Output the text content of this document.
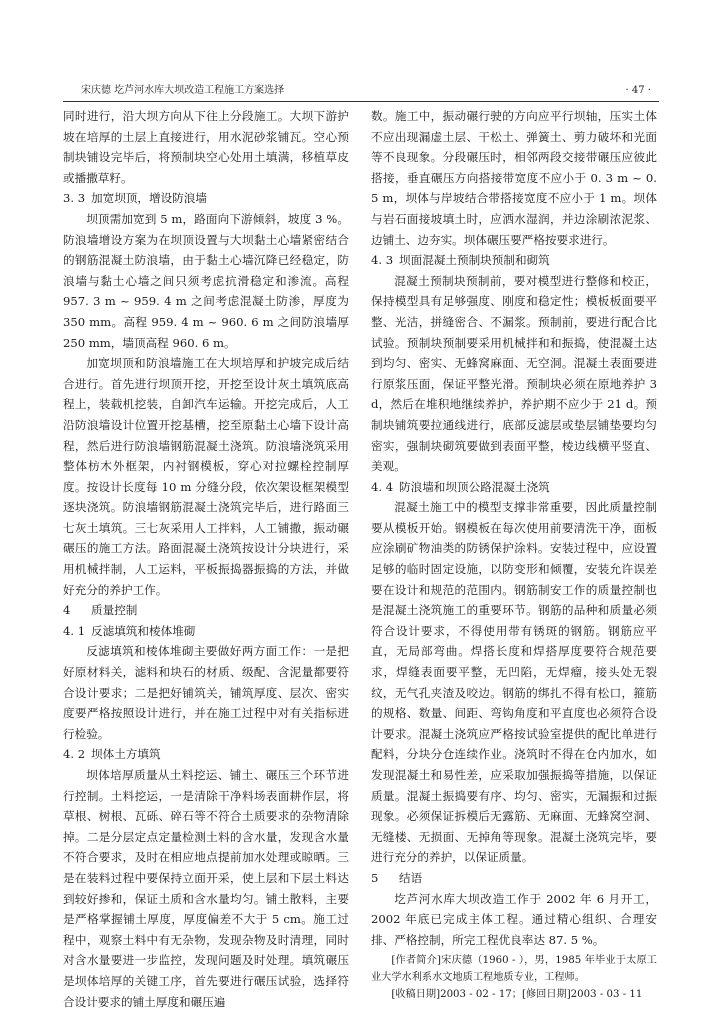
宋庆德 圪芦河水库大坝改造工程施工方案选择	· 47 ·

同时进行，沿大坝方向从下往上分段施工。大坝下游护坡在培厚的土层上直接进行，用水泥砂浆铺瓦。空心预制块铺设完毕后，将预制块空心处用土填满，移植草皮或播撒草籽。

3. 3 加宽坝顶，增设防浪墙

坝顶需加宽到 5 m，路面向下游倾斜，坡度 3 %。防浪墙增设方案为在坝顶设置与大坝黏土心墙紧密结合的钢筋混凝土防浪墙，由于黏土心墙沉降已经稳定，防浪墙与黏土心墙之间只须考虑抗滑稳定和渗流。高程 957. 3 m ~ 959. 4 m 之间考虑混凝土防渗，厚度为 350 mm。高程 959. 4 m ~ 960. 6 m 之间防浪墙厚 250 mm，墙顶高程 960. 6 m。

加宽坝顶和防浪墙施工在大坝培厚和护坡完成后结合进行。首先进行坝顶开挖，开挖至设计灰土填筑底高程上，装载机挖装，自卸汽车运输。开挖完成后，人工沿防浪墙设计位置开挖基槽，挖至原黏土心墙下设计高程，然后进行防浪墙钢筋混凝土浇筑。防浪墙浇筑采用整体枋木外框架，内衬钢模板，穿心对拉螺栓控制厚度。按设计长度每 10 m 分缝分段，依次架设框架模型逐块浇筑。防浪墙钢筋混凝土浇筑完毕后，进行路面三七灰土填筑。三七灰采用人工拌料，人工铺撒，振动碾碾压的施工方法。路面混凝土浇筑按设计分块进行，采用机械拌制，人工运料，平板振捣器振捣的方法，并做好充分的养护工作。

4 质量控制
4. 1 反滤填筑和棱体堆砌

反滤填筑和棱体堆砌主要做好两方面工作：一是把好原材料关，滤料和块石的材质、级配、含泥量都要符合设计要求；二是把好铺筑关，铺筑厚度、层次、密实度要严格按照设计进行，并在施工过程中对有关指标进行检验。

4. 2 坝体土方填筑

坝体培厚质量从土料挖运、铺土、碾压三个环节进行控制。土料挖运，一是清除干净料场表面耕作层，将草根、树根、瓦砾、碎石等不符合土质要求的杂物清除掉。二是分层定点定量检测土料的含水量，发现含水量不符合要求，及时在相应地点提前加水处理或晾晒。三是在装料过程中要保持立面开采，使上层和下层土料达到较好掺和，保证土质和含水量均匀。铺土散料，主要是严格掌握铺土厚度，厚度偏差不大于 5 cm。施工过程中，观察土料中有无杂物，发现杂物及时清理，同时对含水量要进一步监控，发现问题及时处理。填筑碾压是坝体培厚的关键工序，首先要进行碾压试验，选择符合设计要求的铺土厚度和碾压遍

数。施工中，振动碾行驶的方向应平行坝轴，压实土体不应出现漏虚土层、干松土、弹簧土、剪力破坏和光面等不良现象。分段碾压时，相邻两段交接带碾压应彼此搭接，垂直碾压方向搭接带宽度不应小于 0. 3 m ~ 0. 5 m，坝体与岸坡结合带搭接宽度不应小于 1 m。坝体与岩石面接坡填土时，应洒水湿润，并边涂刷浓泥浆、边铺土、边夯实。坝体碾压要严格按要求进行。

4. 3 坝面混凝土预制块预制和砌筑

混凝土预制块预制前，要对模型进行整修和校正，保持模型具有足够强度、刚度和稳定性；模板板面要平整、光洁，拼缝密合、不漏浆。预制前，要进行配合比试验。预制块预制要采用机械拌和和振捣，使混凝土达到均匀、密实、无蜂窝麻面、无空洞。混凝土表面要进行原浆压面，保证平整光滑。预制块必须在原地养护 3 d，然后在堆积地继续养护，养护期不应少于 21 d。预制块铺筑要拉通线进行，底部反滤层或垫层铺垫要均匀密实，强制块砌筑要做到表面平整，棱边线横平竖直、美观。

4. 4 防浪墙和坝顶公路混凝土浇筑

混凝土施工中的模型支撑非常重要，因此质量控制要从模板开始。钢模板在每次使用前要清洗干净，面板应涂刷矿物油类的防锈保护涂料。安装过程中，应设置足够的临时固定设施，以防变形和倾覆，安装允许误差要在设计和规范的范围内。钢筋制安工作的质量控制也是混凝土浇筑施工的重要环节。钢筋的品种和质量必须符合设计要求，不得使用带有锈斑的钢筋。钢筋应平直，无局部弯曲。焊搭长度和焊搭厚度要符合规范要求，焊缝表面要平整，无凹陷，无焊瘤，接头处无裂纹，无气孔夹渣及咬边。钢筋的绑扎不得有松口，箍筋的规格、数量、间距、弯钩角度和平直度也必须符合设计要求。混凝土浇筑应严格按试验室提供的配比单进行配料，分块分仓连续作业。浇筑时不得在仓内加水，如发现混凝土和易性差，应采取加强振捣等措施，以保证质量。混凝土振捣要有序、均匀、密实，无漏振和过振现象。必须保证拆模后无露筋、无麻面、无蜂窝空洞、无缝楼、无损面、无掉角等现象。混凝土浇筑完毕，要进行充分的养护，以保证质量。

5 结语

圪芦河水库大坝改造工作于 2002 年 6 月开工，2002 年底已完成主体工程。通过精心组织、合理安排、严格控制，所完工程优良率达 87. 5 %。

[作者简介]宋庆德（1960 - ），男，1985 年毕业于太原工业大学水利系水文地质工程地质专业，工程师。

[收稿日期]2003 - 02 - 17；[修回日期]2003 - 03 - 11
